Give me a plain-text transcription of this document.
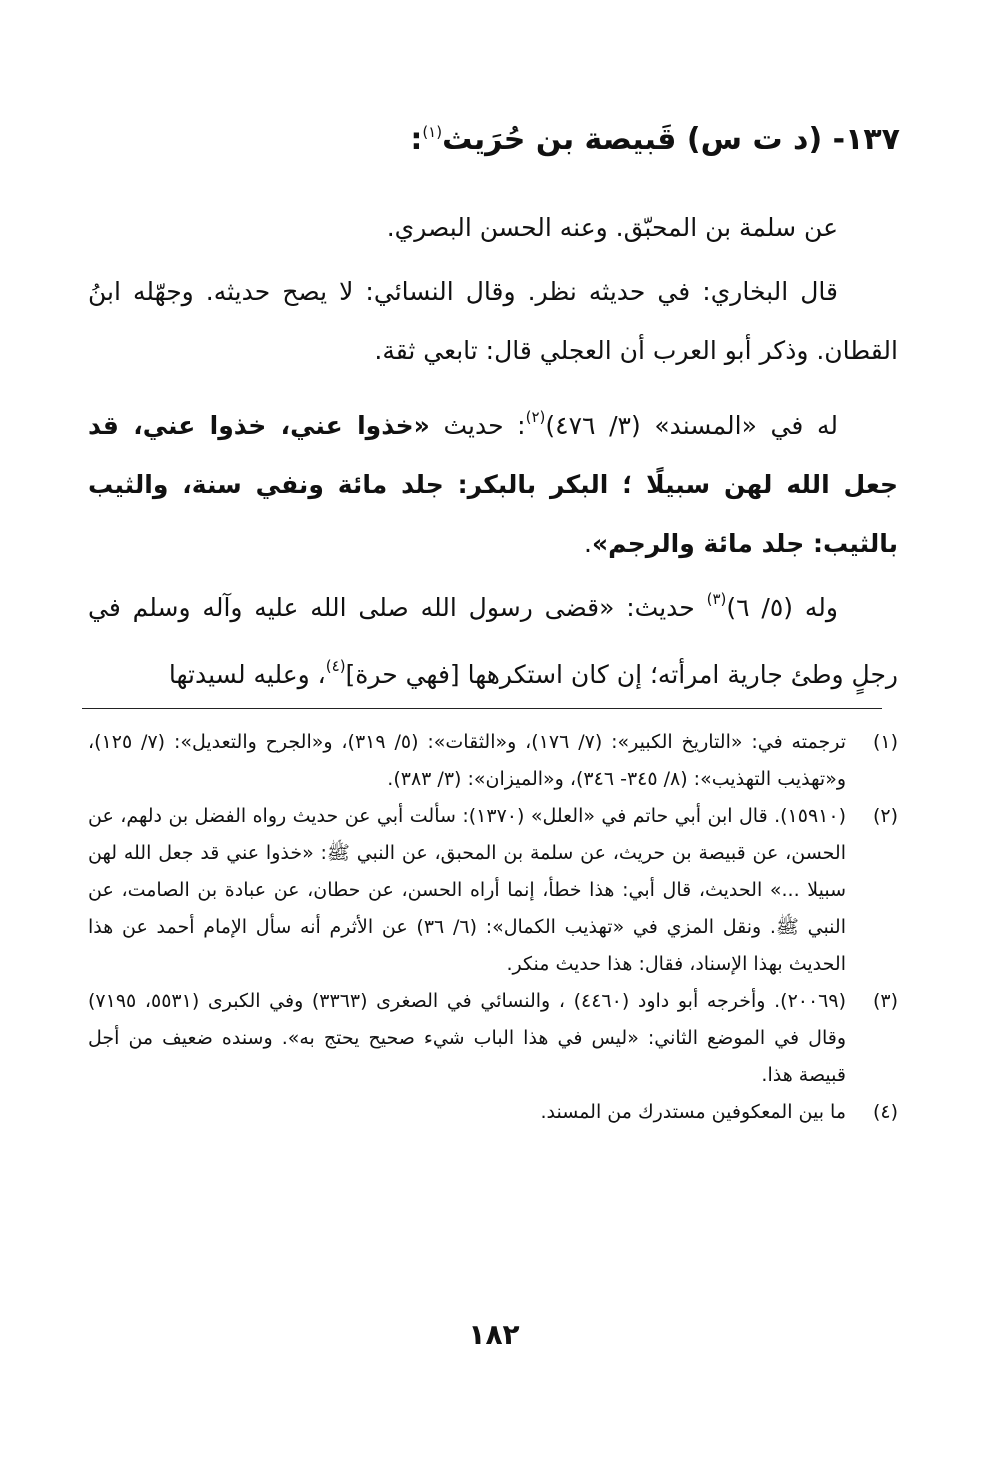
١٣٧- (د ت س) قَبيصة بن حُرَيث$^{(١)}$:
عن سلمة بن المحبّق. وعنه الحسن البصري.
قال البخاري: في حديثه نظر. وقال النسائي: لا يصح حديثه. وجهّله ابنُ القطان. وذكر أبو العرب أن العجلي قال: تابعي ثقة.
له في «المسند» (٣/ ٤٧٦)$^{(٢)}$: حديث «خذوا عني، خذوا عني، قد جعل الله لهن سبيلًا ؛ البكر بالبكر: جلد مائة ونفي سنة، والثيب بالثيب: جلد مائة والرجم».
وله (٥/ ٦)$^{(٣)}$ حديث: «قضى رسول الله صلى الله عليه وآله وسلم في رجلٍ وطئ جارية امرأته؛ إن كان استكرهها [فهي حرة]$^{(٤)}$، وعليه لسيدتها
(١)
ترجمته في: «التاريخ الكبير»: (٧/ ١٧٦)، و«الثقات»: (٥/ ٣١٩)، و«الجرح والتعديل»: (٧/ ١٢٥)، و«تهذيب التهذيب»: (٨/ ٣٤٥- ٣٤٦)، و«الميزان»: (٣/ ٣٨٣).
(٢)
(١٥٩١٠). قال ابن أبي حاتم في «العلل» (١٣٧٠): سألت أبي عن حديث رواه الفضل بن دلهم، عن الحسن، عن قبيصة بن حريث، عن سلمة بن المحبق، عن النبي ﷺ: «خذوا عني قد جعل الله لهن سبيلا ...» الحديث، قال أبي: هذا خطأ، إنما أراه الحسن، عن حطان، عن عبادة بن الصامت، عن النبي ﷺ. ونقل المزي في «تهذيب الكمال»: (٦/ ٣٦) عن الأثرم أنه سأل الإمام أحمد عن هذا الحديث بهذا الإسناد، فقال: هذا حديث منكر.
(٣)
(٢٠٠٦٩). وأخرجه أبو داود (٤٤٦٠) ، والنسائي في الصغرى (٣٣٦٣) وفي الكبرى (٥٥٣١، ٧١٩٥) وقال في الموضع الثاني: «ليس في هذا الباب شيء صحيح يحتج به». وسنده ضعيف من أجل قبيصة هذا.
(٤)
ما بين المعكوفين مستدرك من المسند.
١٨٢
